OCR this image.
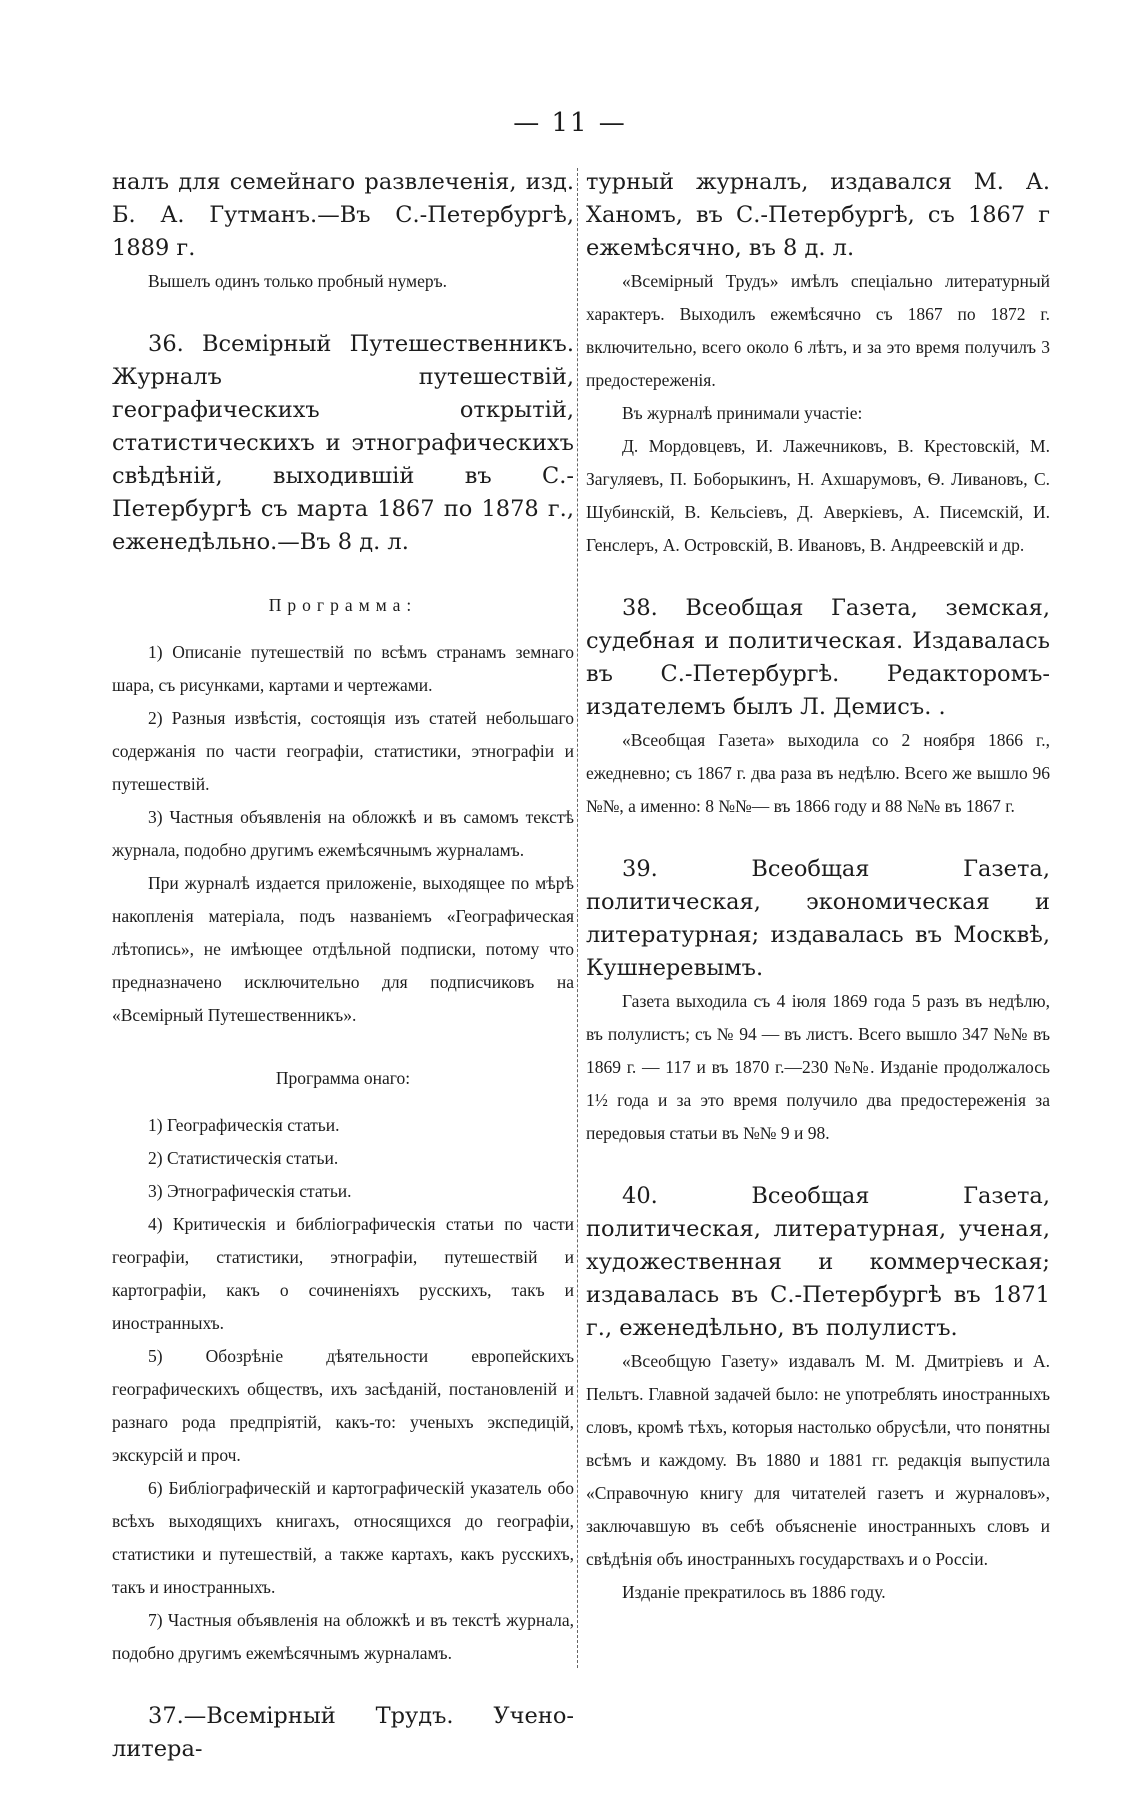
— 11 —

налъ для семейнаго развлеченія, изд. Б. А. Гутманъ.—Въ С.-Петербургѣ, 1889 г.

Вышелъ одинъ только пробный нумеръ.

36. Всемірный Путешественникъ. Журналъ путешествій, географическихъ открытій, статистическихъ и этнографическихъ свѣдѣній, выходившій въ С.-Петербургѣ съ марта 1867 по 1878 г., еженедѣльно.—Въ 8 д. л.

Программа:

1) Описаніе путешествій по всѣмъ странамъ земнаго шара, съ рисунками, картами и чертежами.

2) Разныя извѣстія, состоящія изъ статей небольшаго содержанія по части географіи, статистики, этнографіи и путешествій.

3) Частныя объявленія на обложкѣ и въ самомъ текстѣ журнала, подобно другимъ ежемѣсячнымъ журналамъ.

При журналѣ издается приложеніе, выходящее по мѣрѣ накопленія матеріала, подъ названіемъ «Географическая лѣтопись», не имѣющее отдѣльной подписки, потому что предназначено исключительно для подписчиковъ на «Всемірный Путешественникъ».

Программа онаго:

1) Географическія статьи.

2) Статистическія статьи.

3) Этнографическія статьи.

4) Критическія и библіографическія статьи по части географіи, статистики, этнографіи, путешествій и картографіи, какъ о сочиненіяхъ русскихъ, такъ и иностранныхъ.

5) Обозрѣніе дѣятельности европейскихъ географическихъ обществъ, ихъ засѣданій, постановленій и разнаго рода предпріятій, какъ-то: ученыхъ экспедицій, экскурсій и проч.

6) Библіографическій и картографическій указатель обо всѣхъ выходящихъ книгахъ, относящихся до географіи, статистики и путешествій, а также картахъ, какъ русскихъ, такъ и иностранныхъ.

7) Частныя объявленія на обложкѣ и въ текстѣ журнала, подобно другимъ ежемѣсячнымъ журналамъ.

37.—Всемірный Трудъ. Учено-литера-

турный журналъ, издавался М. А. Ханомъ, въ С.-Петербургѣ, съ 1867 г ежемѣсячно, въ 8 д. л.

«Всемірный Трудъ» имѣлъ спеціально литературный характеръ. Выходилъ ежемѣсячно съ 1867 по 1872 г. включительно, всего около 6 лѣтъ, и за это время получилъ 3 предостереженія.

Въ журналѣ принимали участіе:

Д. Мордовцевъ, И. Лажечниковъ, В. Крестовскій, М. Загуляевъ, П. Боборыкинъ, Н. Ахшарумовъ, Ѳ. Ливановъ, С. Шубинскій, В. Кельсіевъ, Д. Аверкіевъ, А. Писемскій, И. Генслеръ, А. Островскій, В. Ивановъ, В. Андреевскій и др.

38. Всеобщая Газета, земская, судебная и политическая. Издавалась въ С.-Петербургѣ. Редакторомъ-издателемъ былъ Л. Демисъ. .

«Всеобщая Газета» выходила со 2 ноября 1866 г., ежедневно; съ 1867 г. два раза въ недѣлю. Всего же вышло 96 №№, а именно: 8 №№— въ 1866 году и 88 №№ въ 1867 г.

39. Всеобщая Газета, политическая, экономическая и литературная; издавалась въ Москвѣ, Кушнеревымъ.

Газета выходила съ 4 іюля 1869 года 5 разъ въ недѣлю, въ полулистъ; съ № 94 — въ листъ. Всего вышло 347 №№ въ 1869 г. — 117 и въ 1870 г.—230 №№. Изданіе продолжалось 1½ года и за это время получило два предостереженія за передовыя статьи въ №№ 9 и 98.

40. Всеобщая Газета, политическая, литературная, ученая, художественная и коммерческая; издавалась въ С.-Петербургѣ въ 1871 г., еженедѣльно, въ полулистъ.

«Всеобщую Газету» издавалъ М. М. Дмитріевъ и А. Пельтъ. Главной задачей было: не употреблять иностранныхъ словъ, кромѣ тѣхъ, которыя настолько обрусѣли, что понятны всѣмъ и каждому. Въ 1880 и 1881 гг. редакція выпустила «Справочную книгу для читателей газетъ и журналовъ», заключавшую въ себѣ объясненіе иностранныхъ словъ и свѣдѣнія объ иностранныхъ государствахъ и о Россіи.

Изданіе прекратилось въ 1886 году.
